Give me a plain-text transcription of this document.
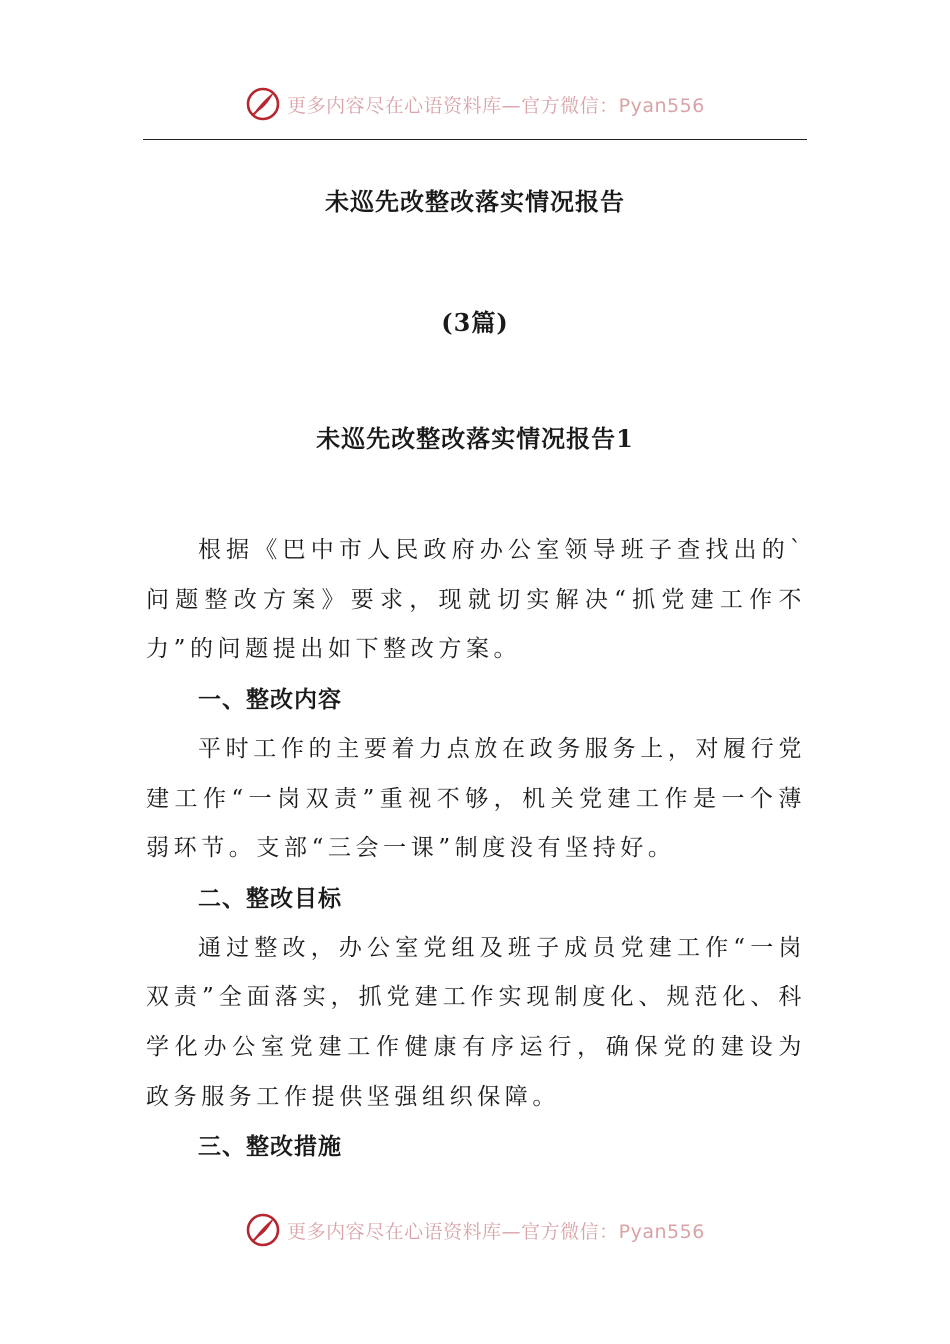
更多内容尽在心语资料库—官方微信：Pyan556
未巡先改整改落实情况报告
(3篇)
未巡先改整改落实情况报告1

根据《巴中市人民政府办公室领导班子查找出的`问题整改方案》要求，现就切实解决“抓党建工作不力”的问题提出如下整改方案。

一、整改内容

平时工作的主要着力点放在政务服务上，对履行党建工作“一岗双责”重视不够，机关党建工作是一个薄弱环节。支部“三会一课”制度没有坚持好。

二、整改目标

通过整改，办公室党组及班子成员党建工作“一岗双责”全面落实，抓党建工作实现制度化、规范化、科学化办公室党建工作健康有序运行，确保党的建设为政务服务工作提供坚强组织保障。

三、整改措施

更多内容尽在心语资料库—官方微信：Pyan556
